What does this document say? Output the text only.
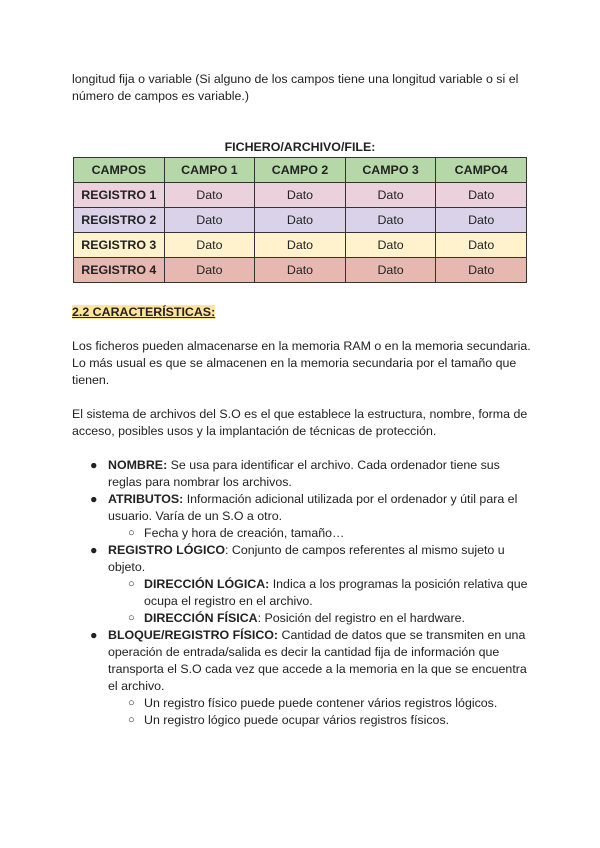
longitud fija o variable (Si alguno de los campos tiene una longitud variable o si el número de campos es variable.)

FICHERO/ARCHIVO/FILE:

CAMPOS	CAMPO 1	CAMPO 2	CAMPO 3	CAMPO4
REGISTRO 1	Dato	Dato	Dato	Dato
REGISTRO 2	Dato	Dato	Dato	Dato
REGISTRO 3	Dato	Dato	Dato	Dato
REGISTRO 4	Dato	Dato	Dato	Dato

2.2 CARACTERÍSTICAS:

Los ficheros pueden almacenarse en la memoria RAM o en la memoria secundaria. Lo más usual es que se almacenen en la memoria secundaria por el tamaño que tienen.

El sistema de archivos del S.O es el que establece la estructura, nombre, forma de acceso, posibles usos y la implantación de técnicas de protección.

● NOMBRE: Se usa para identificar el archivo. Cada ordenador tiene sus reglas para nombrar los archivos.

● ATRIBUTOS: Información adicional utilizada por el ordenador y útil para el usuario. Varía de un S.O a otro.

○ Fecha y hora de creación, tamaño…

● REGISTRO LÓGICO: Conjunto de campos referentes al mismo sujeto u objeto.

○ DIRECCIÓN LÓGICA: Indica a los programas la posición relativa que ocupa el registro en el archivo.

○ DIRECCIÓN FÍSICA: Posición del registro en el hardware.

● BLOQUE/REGISTRO FÍSICO: Cantidad de datos que se transmiten en una operación de entrada/salida es decir la cantidad fija de información que transporta el S.O cada vez que accede a la memoria en la que se encuentra el archivo.

○ Un registro físico puede puede contener vários registros lógicos.

○ Un registro lógico puede ocupar vários registros físicos.
